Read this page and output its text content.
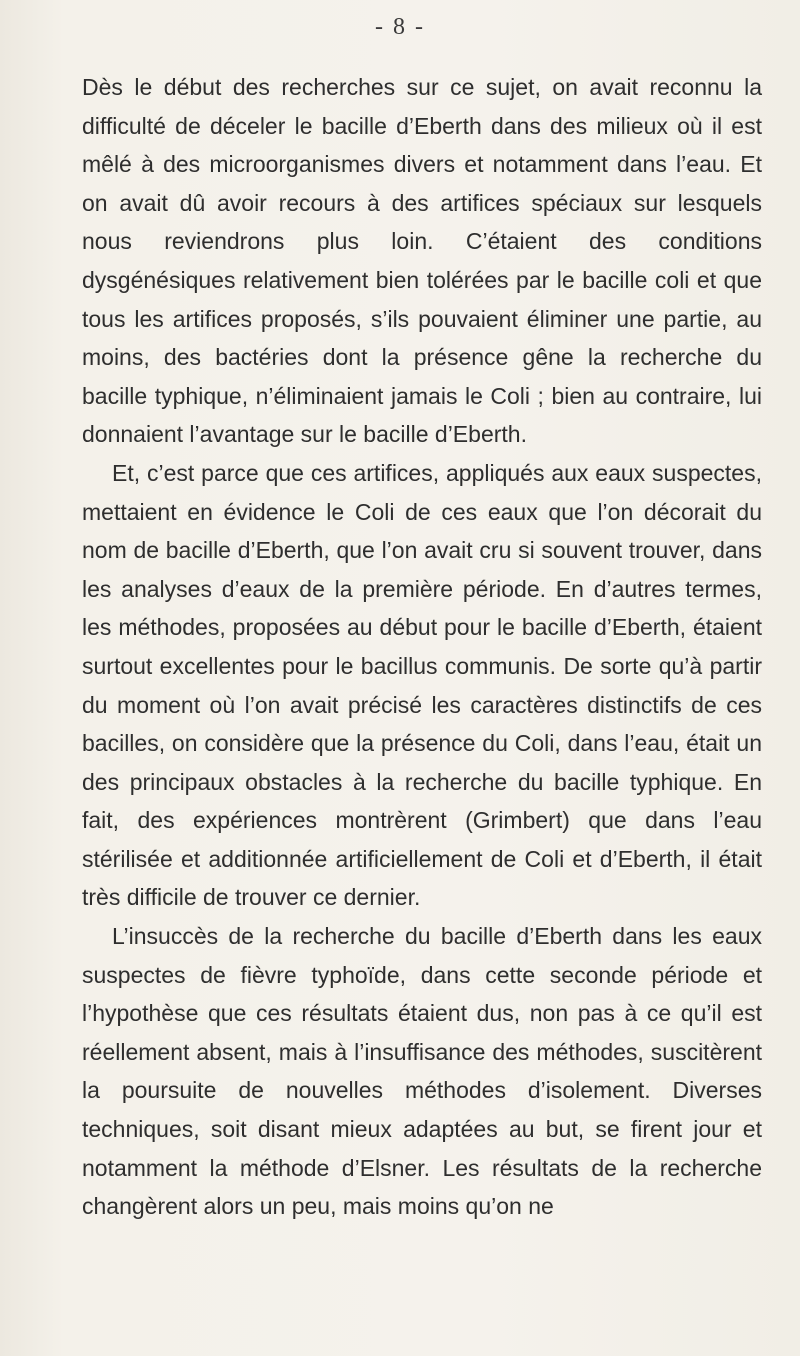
- 8 -

Dès le début des recherches sur ce sujet, on avait reconnu la difficulté de déceler le bacille d’Eberth dans des milieux où il est mêlé à des microorganismes divers et notamment dans l’eau. Et on avait dû avoir recours à des artifices spéciaux sur lesquels nous reviendrons plus loin. C’étaient des conditions dysgénésiques relativement bien tolérées par le bacille coli et que tous les artifices proposés, s’ils pouvaient éliminer une partie, au moins, des bactéries dont la présence gêne la recherche du bacille typhique, n’éliminaient jamais le Coli ; bien au contraire, lui donnaient l’avantage sur le bacille d’Eberth.

Et, c’est parce que ces artifices, appliqués aux eaux suspectes, mettaient en évidence le Coli de ces eaux que l’on décorait du nom de bacille d’Eberth, que l’on avait cru si souvent trouver, dans les analyses d’eaux de la première période. En d’autres termes, les méthodes, proposées au début pour le bacille d’Eberth, étaient surtout excellentes pour le bacillus communis. De sorte qu’à partir du moment où l’on avait précisé les caractères distinctifs de ces bacilles, on considère que la présence du Coli, dans l’eau, était un des principaux obstacles à la recherche du bacille typhique. En fait, des expériences montrèrent (Grimbert) que dans l’eau stérilisée et additionnée artificiellement de Coli et d’Eberth, il était très difficile de trouver ce dernier.

L’insuccès de la recherche du bacille d’Eberth dans les eaux suspectes de fièvre typhoïde, dans cette seconde période et l’hypothèse que ces résultats étaient dus, non pas à ce qu’il est réellement absent, mais à l’insuffisance des méthodes, suscitèrent la poursuite de nouvelles méthodes d’isolement. Diverses techniques, soit disant mieux adaptées au but, se firent jour et notamment la méthode d’Elsner. Les résultats de la recherche changèrent alors un peu, mais moins qu’on ne
